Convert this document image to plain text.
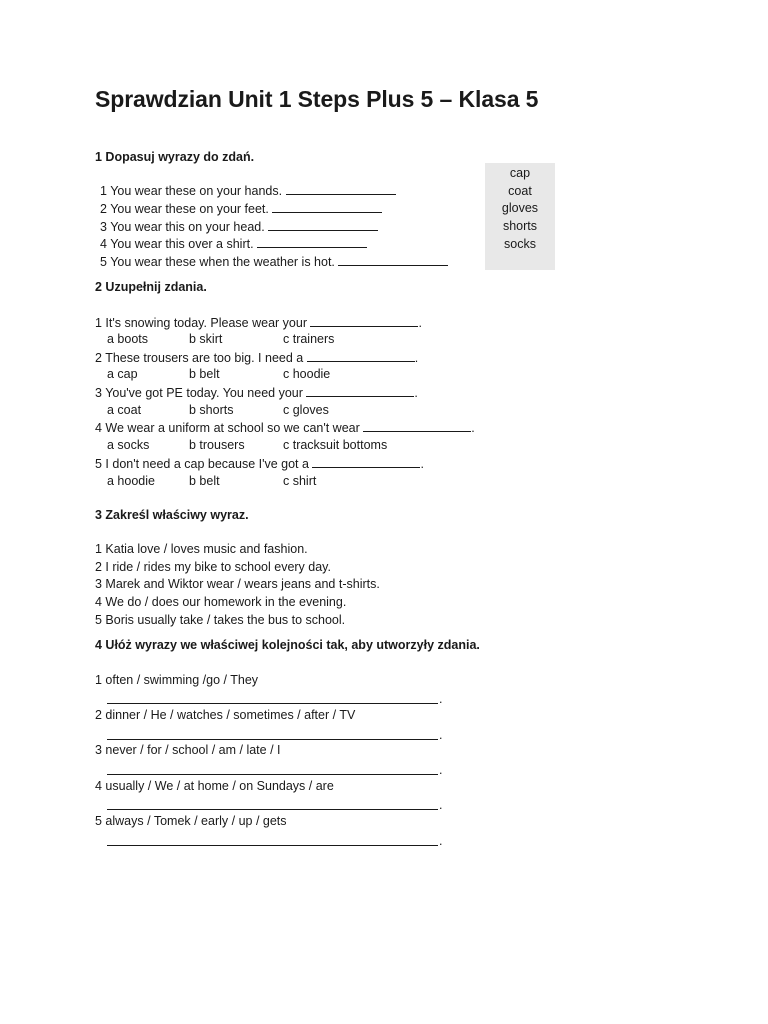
Sprawdzian Unit 1 Steps Plus 5 – Klasa 5
1 Dopasuj wyrazy do zdań.
1 You wear these on your hands.
2 You wear these on your feet.
3 You wear this on your head.
4 You wear this over a shirt.
5 You wear these when the weather is hot.
cap
coat
gloves
shorts
socks
2 Uzupełnij zdania.
1 It's snowing today. Please wear your	.
a boots	b skirt	c trainers
2 These trousers are too big. I need a	.
a cap	b belt	c hoodie
3 You've got PE today. You need your	.
a coat	b shorts	c gloves
4 We wear a uniform at school so we can't wear	.
a socks	b trousers	c tracksuit bottoms
5 I don't need a cap because I've got a	.
a hoodie	b belt	c shirt
3 Zakreśl właściwy wyraz.
1 Katia love / loves music and fashion.
2 I ride / rides my bike to school every day.
3 Marek and Wiktor wear / wears jeans and t-shirts.
4 We do / does our homework in the evening.
5 Boris usually take / takes the bus to school.
4 Ułóż wyrazy we właściwej kolejności tak, aby utworzyły zdania.
1 often / swimming /go / They
.
2 dinner / He / watches / sometimes / after / TV
.
3 never / for / school / am / late / I
.
4 usually / We / at home / on Sundays / are
.
5 always / Tomek / early / up / gets
.
